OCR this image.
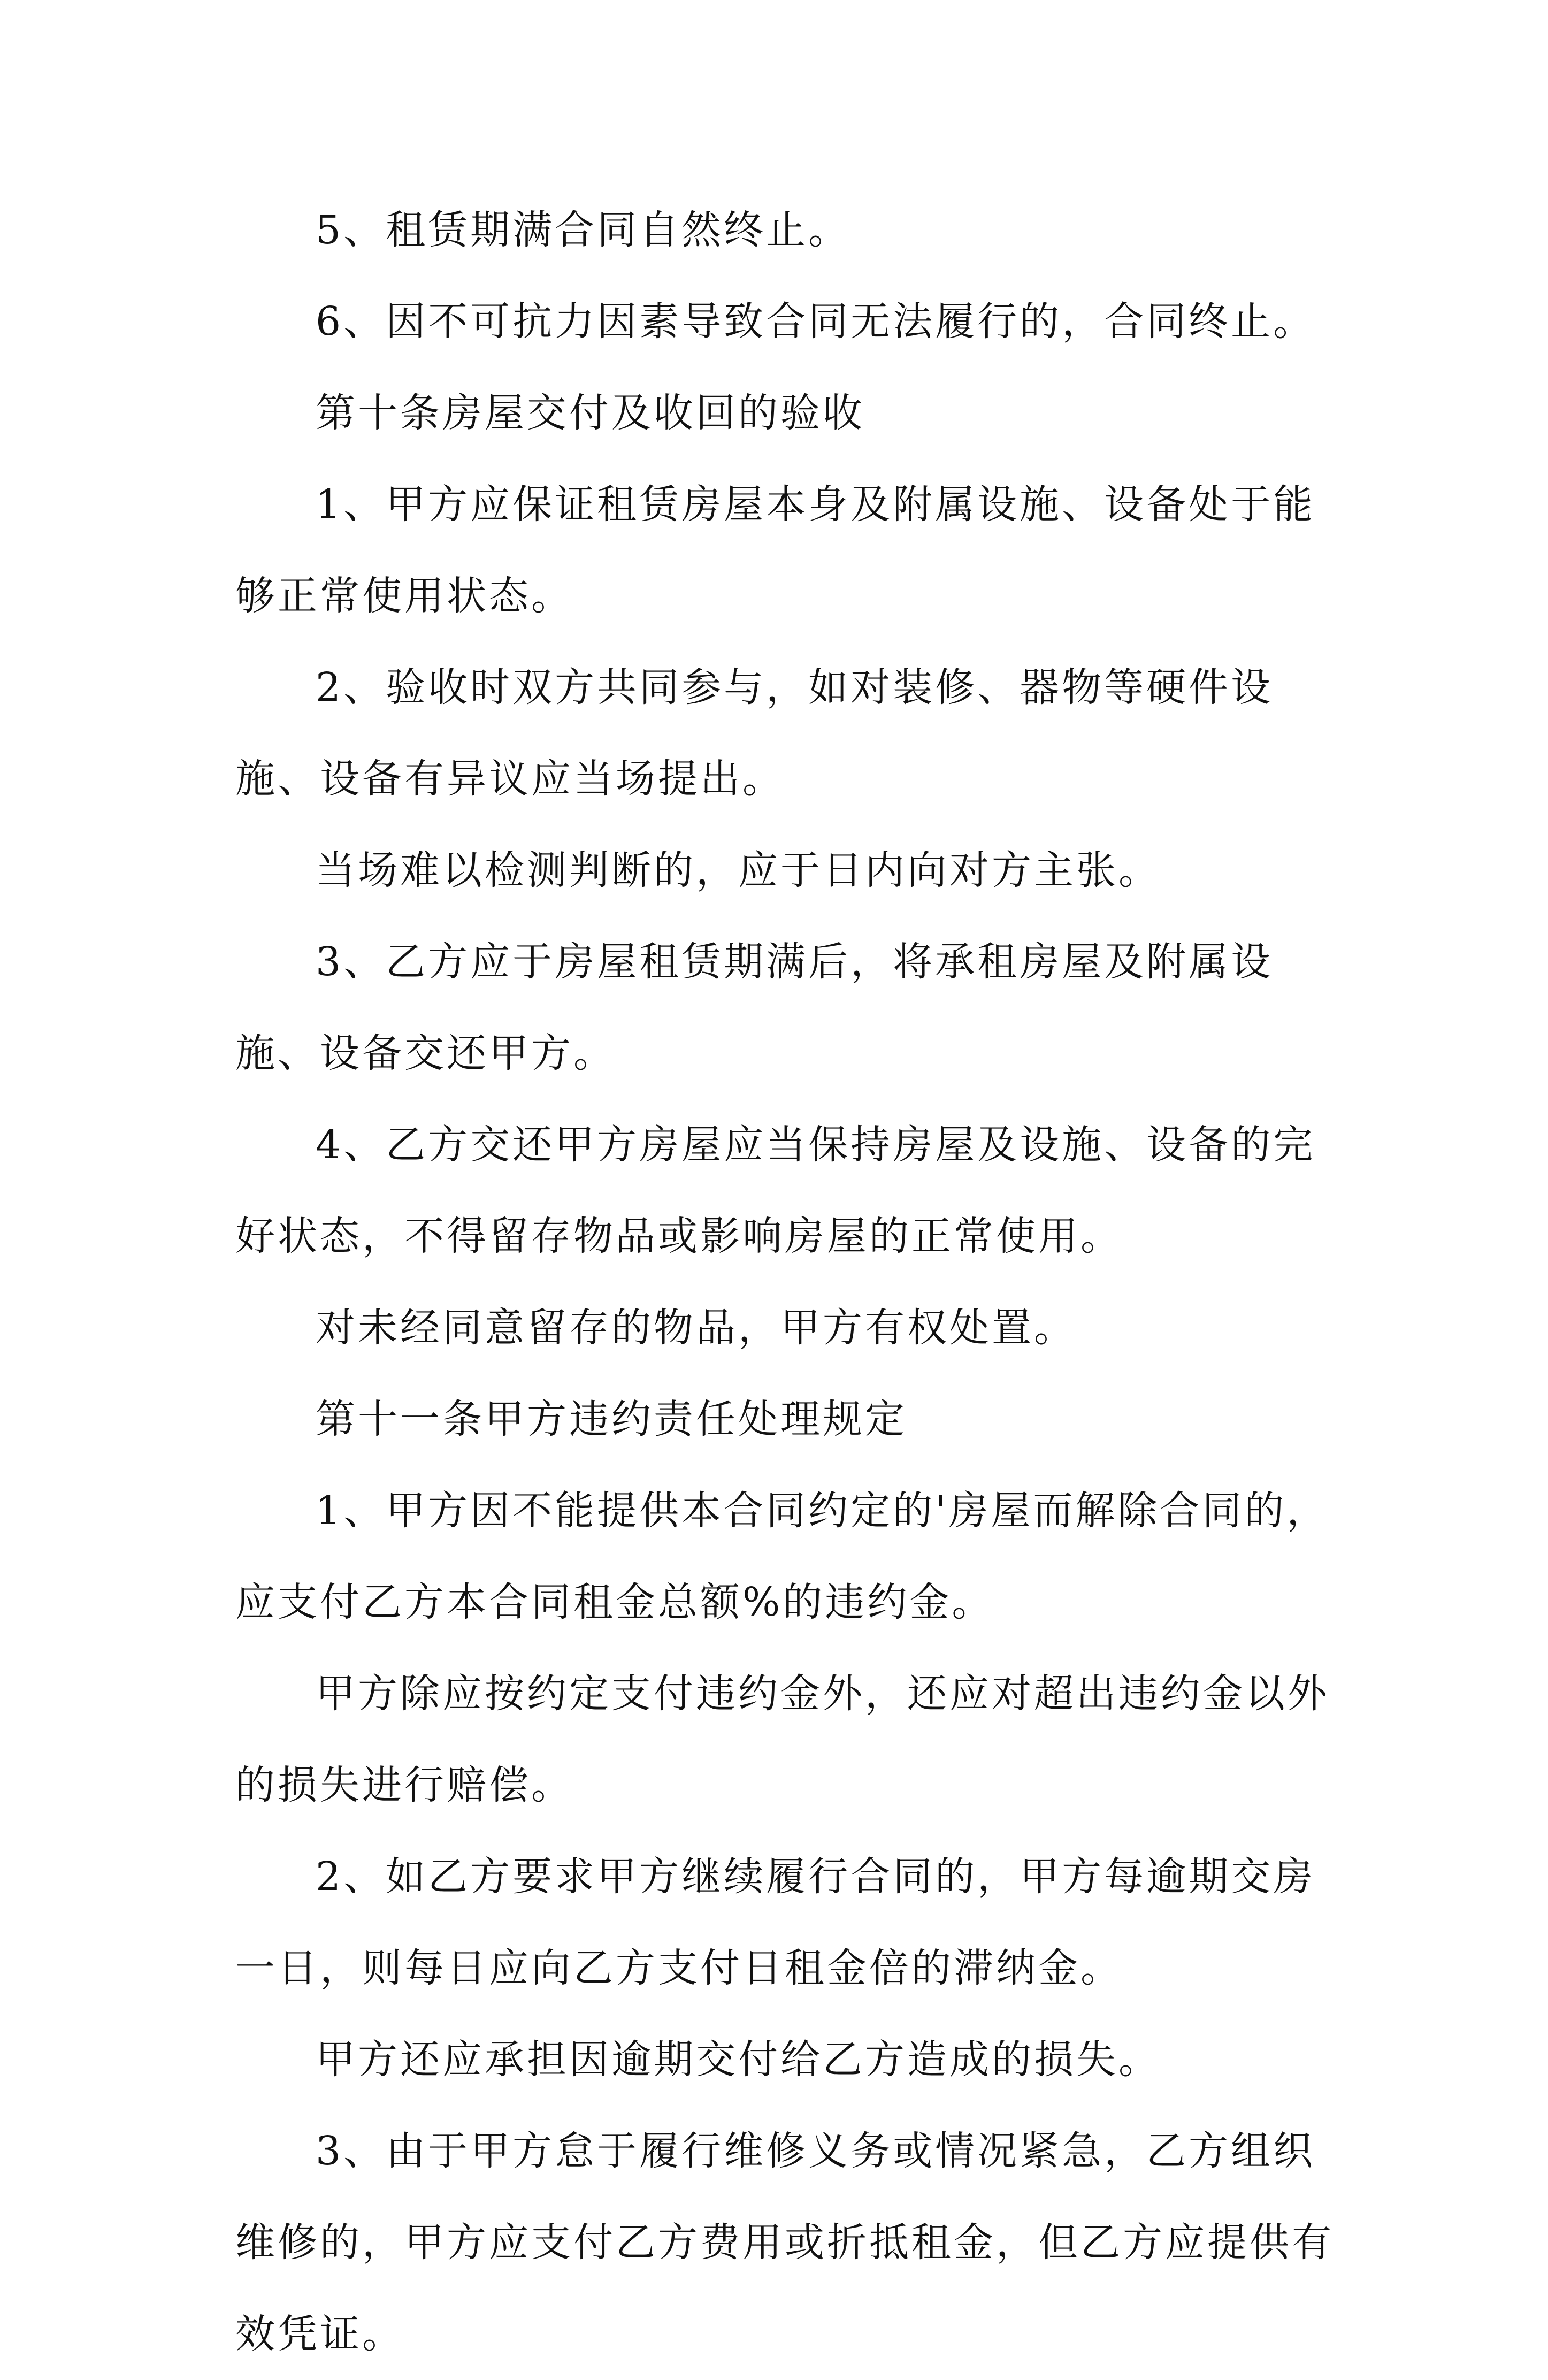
5、租赁期满合同自然终止。

6、因不可抗力因素导致合同无法履行的，合同终止。

第十条房屋交付及收回的验收

1、甲方应保证租赁房屋本身及附属设施、设备处于能够正常使用状态。

2、验收时双方共同参与，如对装修、器物等硬件设施、设备有异议应当场提出。

当场难以检测判断的，应于日内向对方主张。

3、乙方应于房屋租赁期满后，将承租房屋及附属设施、设备交还甲方。

4、乙方交还甲方房屋应当保持房屋及设施、设备的完好状态，不得留存物品或影响房屋的正常使用。

对未经同意留存的物品，甲方有权处置。

第十一条甲方违约责任处理规定

1、甲方因不能提供本合同约定的'房屋而解除合同的，应支付乙方本合同租金总额%的违约金。

甲方除应按约定支付违约金外，还应对超出违约金以外的损失进行赔偿。

2、如乙方要求甲方继续履行合同的，甲方每逾期交房一日，则每日应向乙方支付日租金倍的滞纳金。

甲方还应承担因逾期交付给乙方造成的损失。

3、由于甲方怠于履行维修义务或情况紧急，乙方组织维修的，甲方应支付乙方费用或折抵租金，但乙方应提供有效凭证。
